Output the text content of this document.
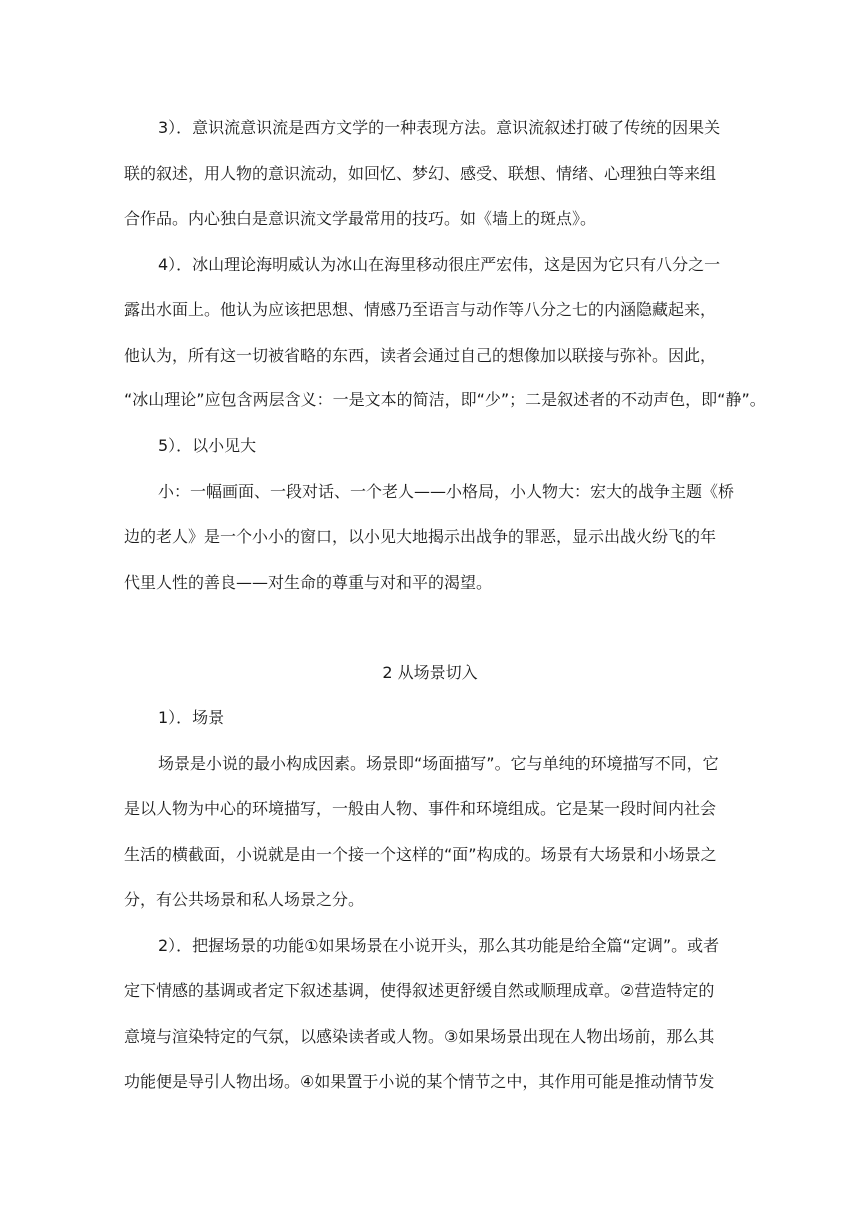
3）．意识流意识流是西方文学的一种表现方法。意识流叙述打破了传统的因果关
联的叙述，用人物的意识流动，如回忆、梦幻、感受、联想、情绪、心理独白等来组
合作品。内心独白是意识流文学最常用的技巧。如《墙上的斑点》。
4）．冰山理论海明威认为冰山在海里移动很庄严宏伟，这是因为它只有八分之一
露出水面上。他认为应该把思想、情感乃至语言与动作等八分之七的内涵隐藏起来，
他认为，所有这一切被省略的东西，读者会通过自己的想像加以联接与弥补。因此，
“冰山理论”应包含两层含义：一是文本的简洁，即“少”；二是叙述者的不动声色，即“静”。
5）．以小见大
小：一幅画面、一段对话、一个老人——小格局，小人物大：宏大的战争主题《桥
边的老人》是一个小小的窗口，以小见大地揭示出战争的罪恶，显示出战火纷飞的年
代里人性的善良——对生命的尊重与对和平的渴望。
2 从场景切入
1）．场景
场景是小说的最小构成因素。场景即“场面描写”。它与单纯的环境描写不同，它
是以人物为中心的环境描写，一般由人物、事件和环境组成。它是某一段时间内社会
生活的横截面，小说就是由一个接一个这样的“面”构成的。场景有大场景和小场景之
分，有公共场景和私人场景之分。
2）．把握场景的功能①如果场景在小说开头，那么其功能是给全篇“定调”。或者
定下情感的基调或者定下叙述基调，使得叙述更舒缓自然或顺理成章。②营造特定的
意境与渲染特定的气氛，以感染读者或人物。③如果场景出现在人物出场前，那么其
功能便是导引人物出场。④如果置于小说的某个情节之中，其作用可能是推动情节发
